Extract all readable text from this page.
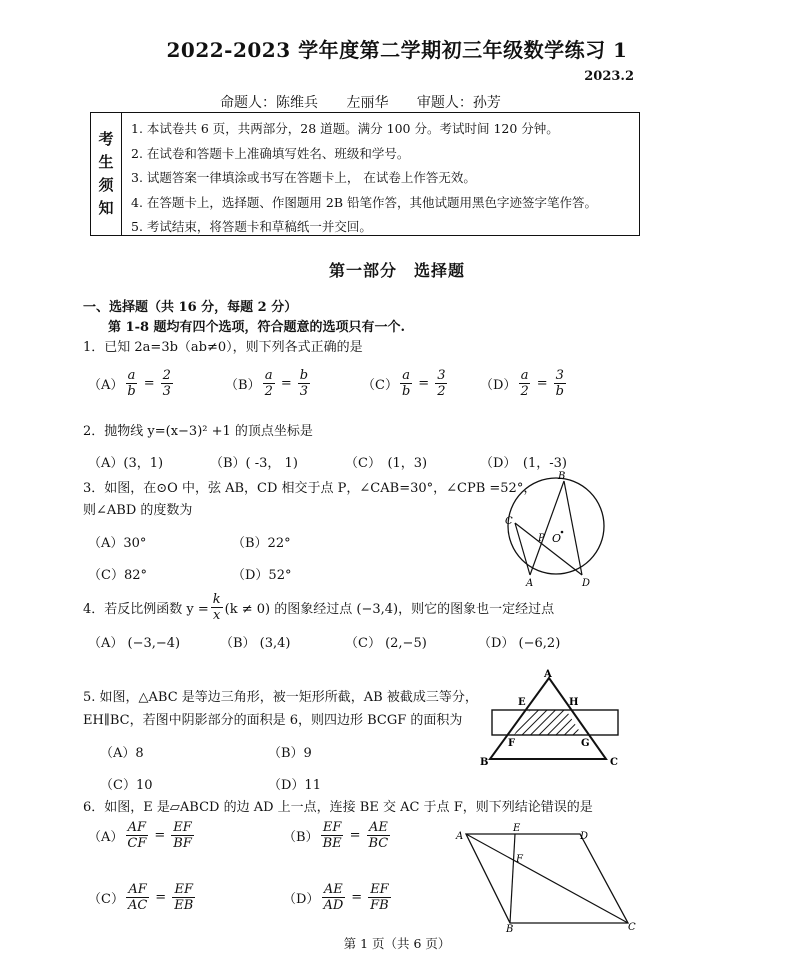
2022-2023 学年度第二学期初三年级数学练习 1
2023.2
命题人：陈维兵 左丽华 审题人：孙芳
考
生
须
知
1. 本试卷共 6 页，共两部分，28 道题。满分 100 分。考试时间 120 分钟。
2. 在试卷和答题卡上准确填写姓名、班级和学号。
3. 试题答案一律填涂或书写在答题卡上， 在试卷上作答无效。
4. 在答题卡上，选择题、作图题用 2B 铅笔作答，其他试题用黑色字迹签字笔作答。
5. 考试结束，将答题卡和草稿纸一并交回。
第一部分　选择题
一、选择题（共 16 分，每题 2 分）
第 1-8 题均有四个选项，符合题意的选项只有一个.
1．已知 2a=3b（ab≠0），则下列各式正确的是
$(A) \frac{a}{b} = \frac{2}{3}$	$(B) \frac{a}{2} = \frac{b}{3}$	$(C) \frac{a}{b} = \frac{3}{2}$	$(D) \frac{a}{2} = \frac{3}{b}$
2．抛物线 y=(x−3)² +1 的顶点坐标是
（A）(3，1)	（B）( -3， 1)	（C）　(1，3)	（D）　(1，-3)
3．如图，在⊙O 中，弦 AB，CD 相交于点 P，∠CAB=30°，∠CPB =52°，
则∠ABD 的度数为
（A）30°	（B）22°
（C）82°	（D）52°
B
C
P O
A	D
4．若反比例函数 $y = \frac{k}{x} (k \ne 0)$ 的图象经过点 (−3,4)，则它的图象也一定经过点
（A） (−3,−4)	（B） (3,4)	（C） (2,−5)	（D） (−6,2)
5. 如图，△ABC 是等边三角形，被一矩形所截，AB 被截成三等分，
EH∥BC，若图中阴影部分的面积是 6，则四边形 BCGF 的面积为
（A）8	（B）9
（C）10	（D）11
A
E	H
F	G
B	C
6．如图，E 是▱ABCD 的边 AD 上一点，连接 BE 交 AC 于点 F，则下列结论错误的是
$(A) \frac{AF}{CF} = \frac{EF}{BF}$	$(B) \frac{EF}{BE} = \frac{AE}{BC}$
$(C) \frac{AF}{AC} = \frac{EF}{EB}$	$(D) \frac{AE}{AD} = \frac{EF}{FB}$
A
E
D
F
B	C
第 1 页（共 6 页）
